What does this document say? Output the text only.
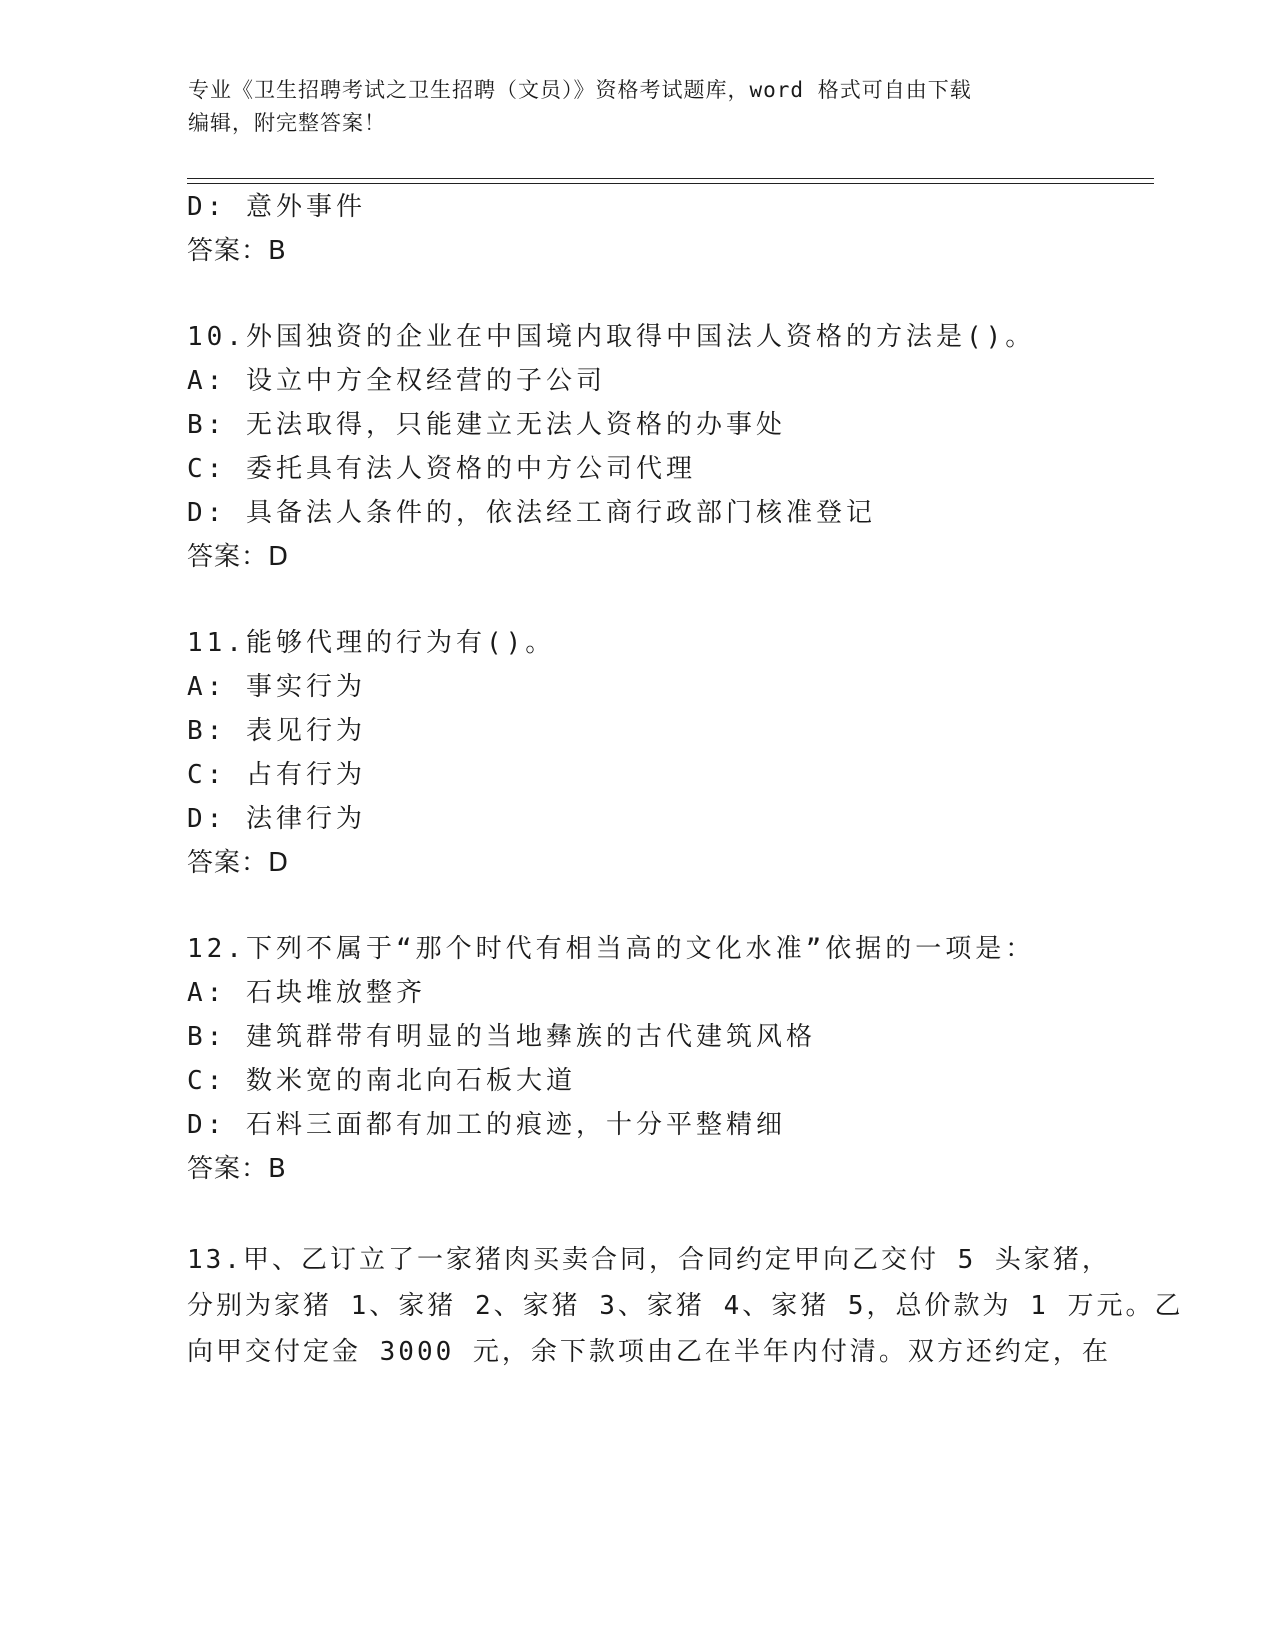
专业《卫生招聘考试之卫生招聘（文员）》资格考试题库，word 格式可自由下载
编辑，附完整答案！
D: 意外事件
答案：B
10.外国独资的企业在中国境内取得中国法人资格的方法是()。
A: 设立中方全权经营的子公司
B: 无法取得，只能建立无法人资格的办事处
C: 委托具有法人资格的中方公司代理
D: 具备法人条件的，依法经工商行政部门核准登记
答案：D
11.能够代理的行为有()。
A: 事实行为
B: 表见行为
C: 占有行为
D: 法律行为
答案：D
12.下列不属于“那个时代有相当高的文化水准”依据的一项是：
A: 石块堆放整齐
B: 建筑群带有明显的当地彝族的古代建筑风格
C: 数米宽的南北向石板大道
D: 石料三面都有加工的痕迹，十分平整精细
答案：B
13.甲、乙订立了一家猪肉买卖合同，合同约定甲向乙交付 5 头家猪，
分别为家猪 1、家猪 2、家猪 3、家猪 4、家猪 5，总价款为 1 万元。乙
向甲交付定金 3000 元，余下款项由乙在半年内付清。双方还约定，在
